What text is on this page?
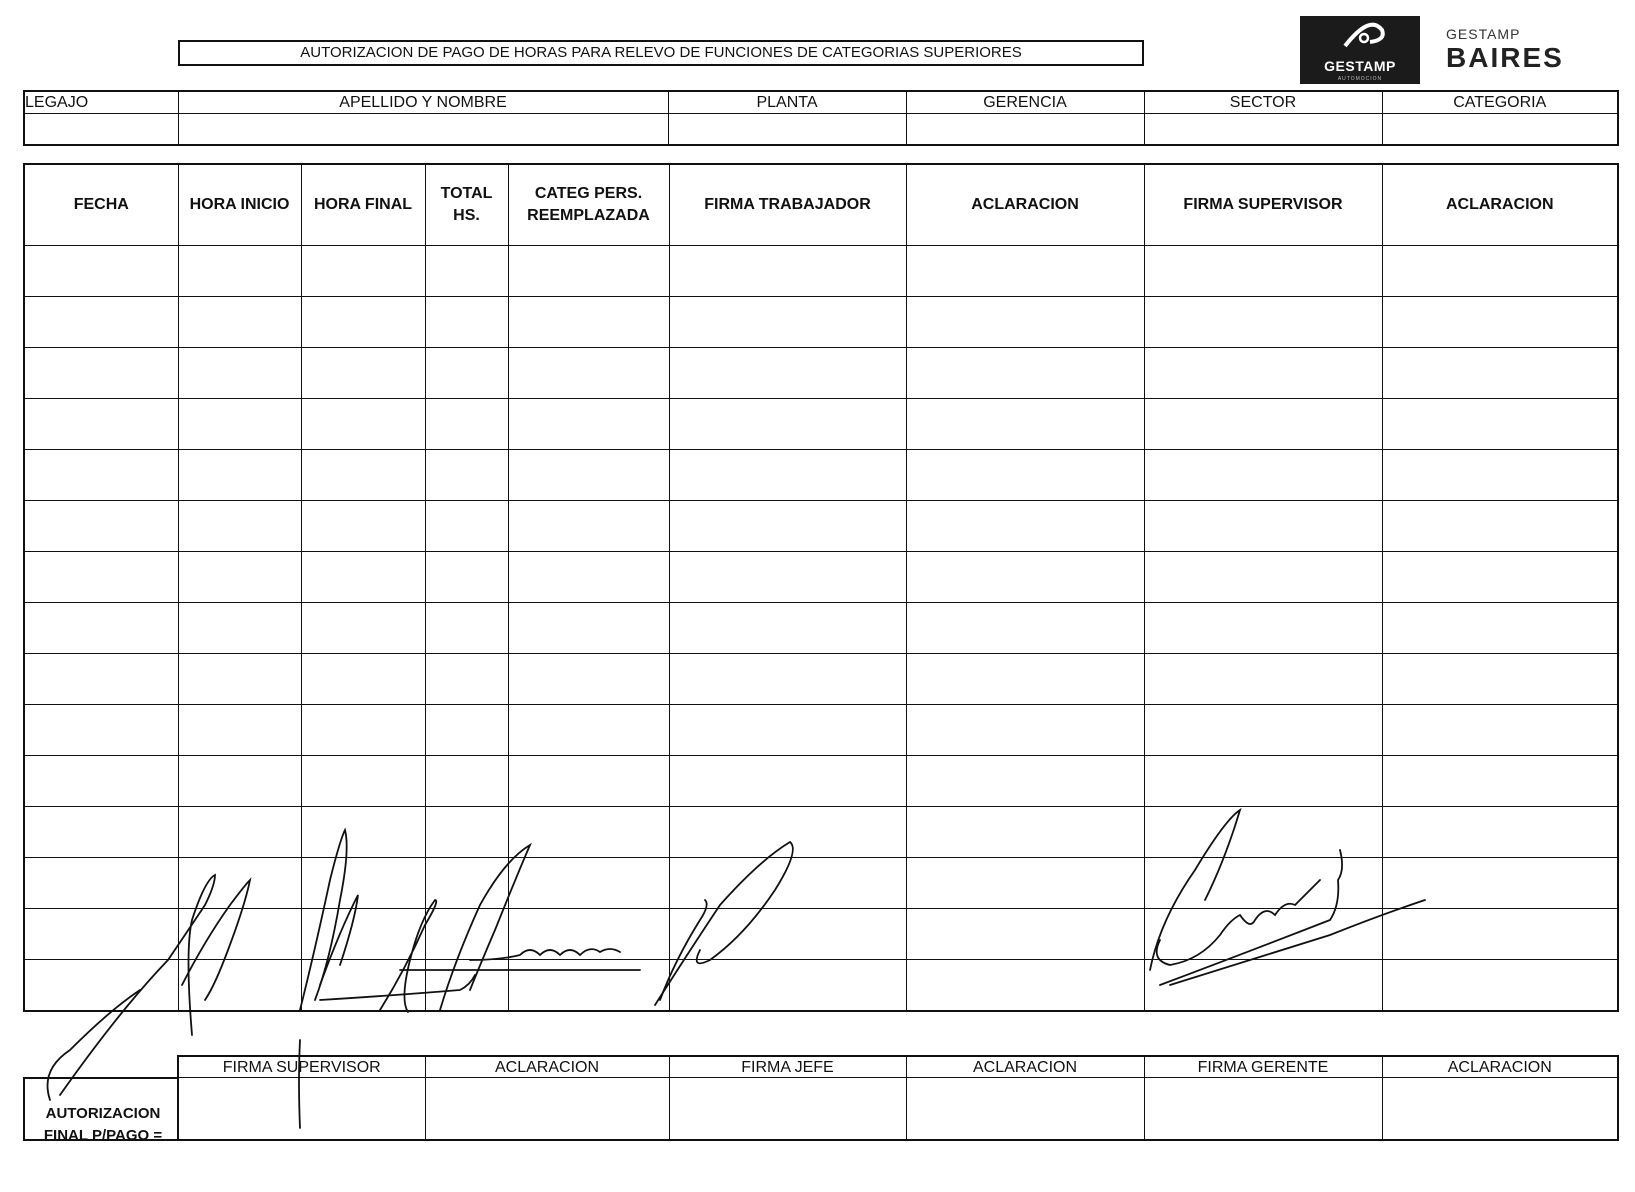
AUTORIZACION DE PAGO DE HORAS PARA RELEVO DE FUNCIONES DE CATEGORIAS SUPERIORES
GESTAMP
AUTOMOCION
GESTAMP
BAIRES
LEGAJO	APELLIDO Y NOMBRE	PLANTA	GERENCIA	SECTOR	CATEGORIA

FECHA	HORA INICIO	HORA FINAL	TOTAL HS.	CATEG PERS. REEMPLAZADA	FIRMA TRABAJADOR	ACLARACION	FIRMA SUPERVISOR	ACLARACION

	FIRMA SUPERVISOR	ACLARACION	FIRMA JEFE	ACLARACION	FIRMA GERENTE	ACLARACION

AUTORIZACION FINAL P/PAGO =
